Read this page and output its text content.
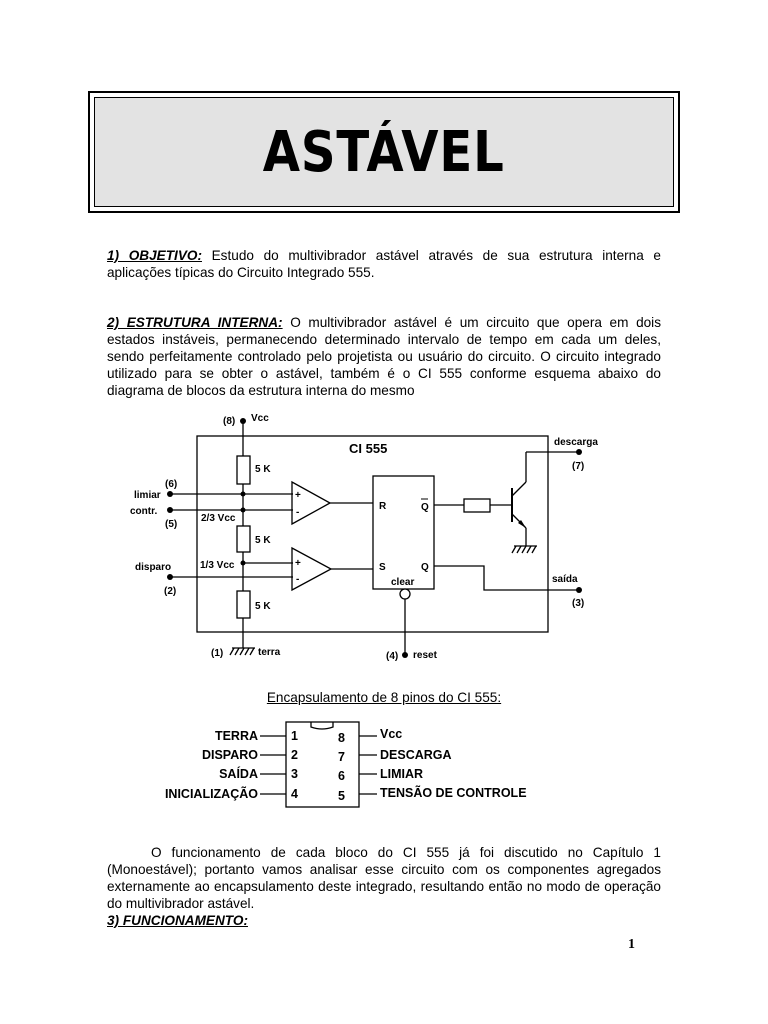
ASTÁVEL

1) OBJETIVO: Estudo do multivibrador astável através de sua estrutura interna e aplicações típicas do Circuito Integrado 555.

2) ESTRUTURA INTERNA: O multivibrador astável é um circuito que opera em dois estados instáveis, permanecendo determinado intervalo de tempo em cada um deles, sendo perfeitamente controlado pelo projetista ou usuário do circuito. O circuito integrado utilizado para se obter o astável, também é o CI 555 conforme esquema abaixo do diagrama de blocos da estrutura interna do mesmo

(8) Vcc
CI 555	descarga
(7)
(6)
limiar
contr.
(5)
2/3 Vcc
1/3 Vcc
disparo
(2)
saída
(3)
(1)	terra	(4) reset
5 K
5 K
5 K
+
-
+
-
R
S
Q
Q
clear
Encapsulamento de 8 pinos do CI 555:
TERRA
DISPARO
SAÍDA
INICIALIZAÇÃO
1
2
3
4
8
7
6
5
Vcc
DESCARGA
LIMIAR
TENSÃO DE CONTROLE

O funcionamento de cada bloco do CI 555 já foi discutido no Capítulo 1 (Monoestável); portanto vamos analisar esse circuito com os componentes agregados externamente ao encapsulamento deste integrado, resultando então no modo de operação do multivibrador astável.

3) FUNCIONAMENTO:
1
